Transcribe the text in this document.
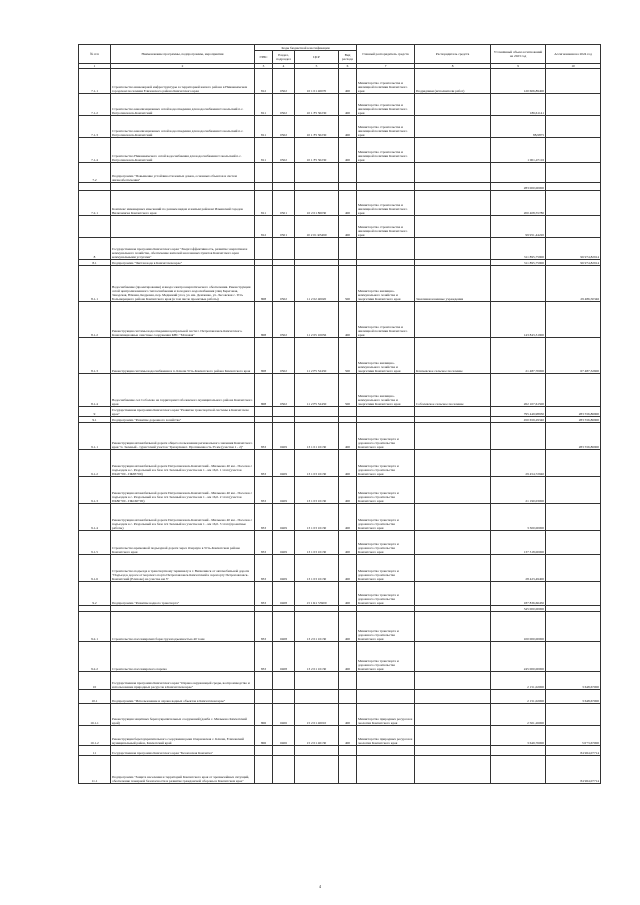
№ п/п	Наименование программы, подпрограммы, мероприятия	Коды бюджетной классификации				Главный распорядитель средств	Распорядитель средств	Уточнённый объем ассигнований на 2023 год	Ассигнования на 2024 год
		ГРБС	Раздел, подраздел	ЦСР	Вид расхода				
1	2	3	4	5	6	7	8	9	10
7.1.1	Строительство инженерной инфраструктуры за территорией жилого района в Нижнекамском городском поселении Елизовского района Камчатского края	812	0502	10 1 01 40070	400	Министерство строительства и жилищной политики Камчатского края	Подрядчики (исполнители работ)	120 606,89400	
7.1.2	Строительство канализационных сетей водоотведения для водоснабжения Сокольский п.с. Петропавловск-Камчатский	811	0502	10 1 F5 50230	400	Министерство строительства и жилищной политики Камчатского края		186,61141	
7.1.3	Строительство канализационных сетей водоотведения для водоснабжения Сокольский п.с. Петропавловск-Камчатский	811	0502	10 1 F5 50230	400	Министерство строительства и жилищной политики Камчатского края		88,9875	
7.1.4	Строительство Нижнекамского сетей водоснабжения для водоснабжения Сокольский п.с. Петропавловск-Камчатский	811	0502	10 1 F5 50230	400	Министерство строительства и жилищной политики Камчатского края		1 001,47116	
7.2	Подпрограмма "Повышение устойчивости жилых домов, основных объектов и систем жизнеобеспечения"								
								283 000,00000	
7.2.1	Комплекс инженерных изысканий по разным видам и жилым районам Ильинский городов Вилючинска Камчатского края	811	0501	10 2 01 80030	400	Министерство строительства и жилищной политики Камчатского края		200 408,55780	
		812	0501	10 2 01 R3490	400	Министерство строительства и жилищной политики Камчатского края		99 951,44220	
8	Государственная программа Камчатского края "Энергоэффективность, развитие энергетики и коммунального хозяйства, обеспечение жителей населенных пунктов Камчатского края коммунальными услугами"							311 895,75900	96 974,82914
8.1	Подпрограмма "Чистая вода в Камчатском крае"							311 895,75900	96 974,82914
8.1.1	Водоснабжение (проектирование) и ввода электроэнергетического обеспечения. Реконструкция сетей централизованного теплоснабжения и холодного водоснабжения улиц Береговая, Заводская, Южная, Кедровая, пер. Медвежий угол, ул. им. Демченко, ул. Лесовская с. Усть Большерецкого района Камчатского края (в том числе проектные работы)	808	0502	11 2 02 40020	500	Министерство жилищно-коммунального хозяйства и энергетики Камчатского края	Заказчики казенные учреждения		29 486,50346
8.1.2	Реконструкция системы водоотведения центральной части г. Петропавловск-Камчатского. Канализационные очистные сооружения КНС "Моховая"	808	0502	11 2 05 10036	400	Министерство строительства и жилищной политики Камчатского края		143 843,31900	
8.1.3	Реконструкция системы водоснабжения в п. Ключи Усть-Камчатского района Камчатского края	808	0502	11 2 F5 52430	500	Министерство жилищно-коммунального хозяйства и энергетики Камчатского края	Ключевское сельское поселение	21 487,70000	67 487,32600
8.1.4	Водоснабжение сел Соболево на территории Соболевского муниципального района Камчатского края	808	0502	11 2 F5 52430	500	Министерство жилищно-коммунального хозяйства и энергетики Камчатского края	Соболевское сельское поселение	262 107,61500	
9	Государственная программа Камчатского края "Развитие транспортной системы в Камчатском крае"							795 449,98930	283 556,86900
9.1	Подпрограмма "Развитие дорожного хозяйства"							450 659,29340	283 556,86900
9.1.1	Реконструкция автомобильной дороги общего пользования регионального значения Камчатского края "п. Зеленый - туристский участок 'Три вулкана'. Протяженность 35 км (участки 1 - 2)"	833	0409	13 1 01 10130	400	Министерство транспорта и дорожного строительства Камчатского края			283 556,86900
9.1.2	Реконструкция автомобильной дороги Петропавловск-Камчатский - Мильково 40 км - Поселок с подъездом к с. Раздольный и к базе п/х Зеленый на участке км 1 - км 16,0. 1 этап (участок ПК20+00 - ПК83+00)	833	0409	13 1 03 10130	400	Министерство транспорта и дорожного строительства Камчатского края		29 454,72940	
9.1.3	Реконструкция автомобильной дороги Петропавловск-Камчатский - Мильково 40 км - Поселок с подъездом к с. Раздольный и к базе п/х Зеленый на участке км 1 - км 16,0. 2 этап (участок ПК80+00 - ПК160+00)	833	0409	13 1 03 10130	400	Министерство транспорта и дорожного строительства Камчатского края		21 190,03000	
9.1.4	Реконструкция автомобильной дороги Петропавловск-Камчатский - Мильково 40 км - Поселок с подъездом к с. Раздольный и к базе п/х Зеленый на участке км 1 - км 16,0. 3 этап (проектные работы)	833	0409	13 1 03 10130	400	Министерство транспорта и дорожного строительства Камчатского края		3 300,00000	
9.1.5	Строительство временной подъездной дороги через Озерную в Усть-Камчатском районе Камчатского края	833	0409	13 1 03 10130	400	Министерство транспорта и дорожного строительства Камчатского края		137 318,00000	
9.1.6	Строительство подъезда к транспортному терминалу в г. Вилючинск от автомобильной дороги "Подъезд к дороге от морского порта Петропавловск-Камчатский к аэропорту Петропавловск-Камчатский (Елизово) на участке км 3"	833	0409	13 1 03 10130	400	Министерство транспорта и дорожного строительства Камчатского края		28 423,49400	
9.2	Подпрограмма "Развитие водного транспорта"	833	0408	13 1 R1 53900	400	Министерство транспорта и дорожного строительства Камчатского края		187 836,66450	
								345 000,00000	
9.2.1	Строительство пассажирских барж грузоподъемностью 40 тонн	833	0408	13 2 01 10130	400	Министерство транспорта и дорожного строительства Камчатского края		100 000,00000	
9.2.2	Строительство пассажирского парома	833	0408	13 2 01 10130	400	Министерство транспорта и дорожного строительства Камчатского края		245 000,00000	
10	Государственная программа Камчатского края "Охрана окружающей среды, воспроизводство и использование природных ресурсов в Камчатском крае"							2 151,02000	3 648,67000
10.1	Подпрограмма "Использование и охрана водных объектов в Камчатском крае"							2 151,02000	3 648,67000
10.1.1	Реконструкция защитных берегоукрепительных сооружений (дамба с. Мильково Камчатский край)	806	0406	15 2 01 40010	400	Министерство природных ресурсов и экологии Камчатского края		2 501,26000	
10.1.2	Реконструкция берегоукрепительного сооружения реки Озерновская с. Ключи, Елизовский муниципальный район, Камчатский край	806	0406	15 2 01 40130	400	Министерство природных ресурсов и экологии Камчатского края		3 649,76000	3 6+3,67000
11	Государственная программа Камчатского края "Безопасная Камчатка"								84 964,07714
11.1	Подпрограмма "Защита населения и территорий Камчатского края от чрезвычайных ситуаций, обеспечение пожарной безопасности и развитие гражданской обороны в Камчатском крае"								84 964,07714
4
